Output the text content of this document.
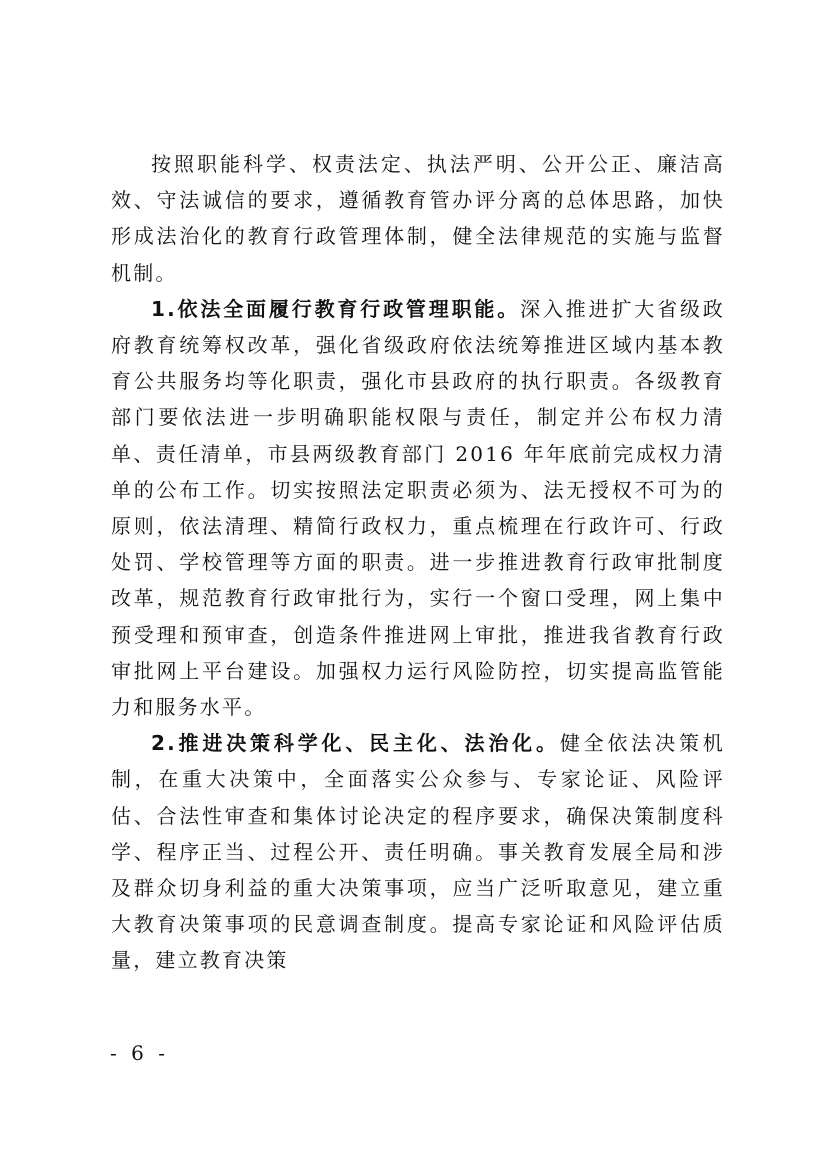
按照职能科学、权责法定、执法严明、公开公正、廉洁高效、守法诚信的要求，遵循教育管办评分离的总体思路，加快形成法治化的教育行政管理体制，健全法律规范的实施与监督机制。

1.依法全面履行教育行政管理职能。深入推进扩大省级政府教育统筹权改革，强化省级政府依法统筹推进区域内基本教育公共服务均等化职责，强化市县政府的执行职责。各级教育部门要依法进一步明确职能权限与责任，制定并公布权力清单、责任清单，市县两级教育部门 2016 年年底前完成权力清单的公布工作。切实按照法定职责必须为、法无授权不可为的原则，依法清理、精简行政权力，重点梳理在行政许可、行政处罚、学校管理等方面的职责。进一步推进教育行政审批制度改革，规范教育行政审批行为，实行一个窗口受理，网上集中预受理和预审查，创造条件推进网上审批，推进我省教育行政审批网上平台建设。加强权力运行风险防控，切实提高监管能力和服务水平。

2.推进决策科学化、民主化、法治化。健全依法决策机制，在重大决策中，全面落实公众参与、专家论证、风险评估、合法性审查和集体讨论决定的程序要求，确保决策制度科学、程序正当、过程公开、责任明确。事关教育发展全局和涉及群众切身利益的重大决策事项，应当广泛听取意见，建立重大教育决策事项的民意调查制度。提高专家论证和风险评估质量，建立教育决策

- 6 -
